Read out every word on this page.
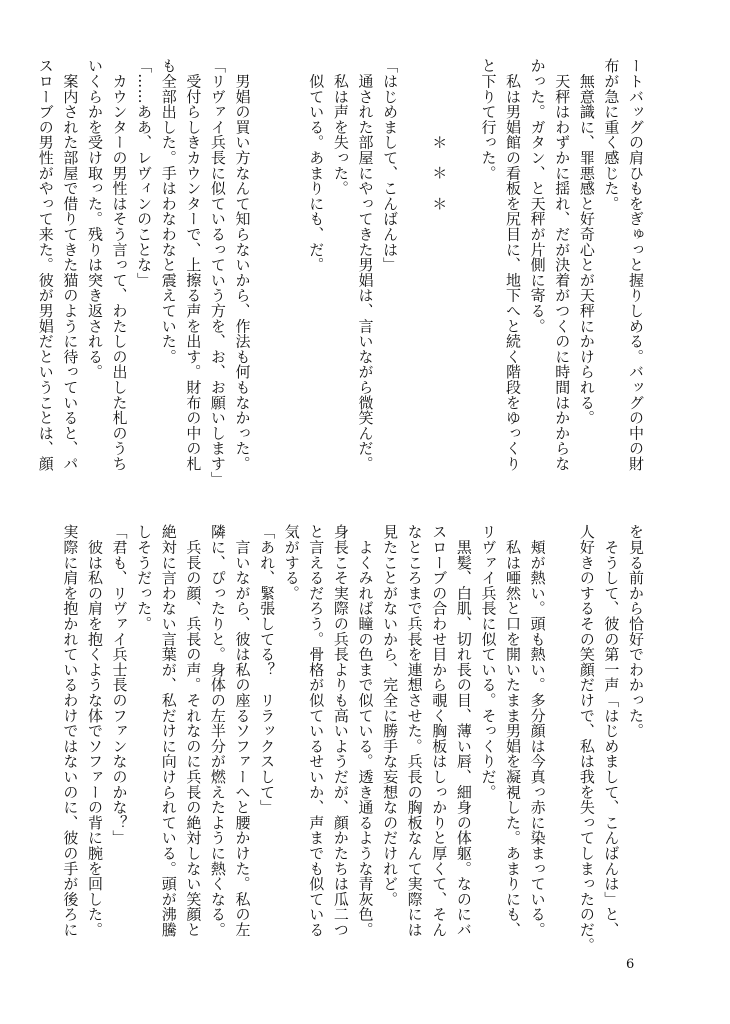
ートバッグの肩ひもをぎゅっと握りしめる。バッグの中の財
布が急に重く感じた。
　無意識に、罪悪感と好奇心とが天秤にかけられる。
　天秤はわずかに揺れ、だが決着がつくのに時間はかからな
かった。ガタン、と天秤が片側に寄る。
　私は男娼館の看板を尻目に、地下へと続く階段をゆっくり
と下りて行った。

　　　　　＊　＊　＊

「はじめまして、こんばんは」
　通された部屋にやってきた男娼は、言いながら微笑んだ。
　私は声を失った。
　似ている。あまりにも、だ。

　男娼の買い方なんて知らないから、作法も何もなかった。
「リヴァイ兵長に似ているっていう方を、お、お願いします」
　受付らしきカウンターで、上擦る声を出す。財布の中の札
も全部出した。手はわなわなと震えていた。
「……ああ、レヴィンのことな」
　カウンターの男性はそう言って、わたしの出した札のうち
いくらかを受け取った。残りは突き返される。
　案内された部屋で借りてきた猫のように待っていると、パ
スローブの男性がやって来た。彼が男娼だということは、顔
を見る前から恰好でわかった。
　そうして、彼の第一声「はじめまして、こんばんは」と、
人好きのするその笑顔だけで、私は我を失ってしまったのだ。

　頬が熱い。頭も熱い。多分顔は今真っ赤に染まっている。
　私は唖然と口を開いたまま男娼を凝視した。あまりにも、
リヴァイ兵長に似ている。そっくりだ。
　黒髪、白肌、切れ長の目、薄い唇、細身の体躯。なのにバ
スローブの合わせ目から覗く胸板はしっかりと厚くて、そん
なところまで兵長を連想させた。兵長の胸板なんて実際には
見たことがないから、完全に勝手な妄想なのだけれど。
　よくみれば瞳の色まで似ている。透き通るような青灰色。
身長こそ実際の兵長よりも高いようだが、顔かたちは瓜二つ
と言えるだろう。骨格が似ているせいか、声までも似ている
気がする。
「あれ、緊張してる？　リラックスして」
　言いながら、彼は私の座るソファーへと腰かけた。私の左
隣に、ぴったりと。身体の左半分が燃えたように熱くなる。
　兵長の顔、兵長の声。それなのに兵長の絶対しない笑顔と
絶対に言わない言葉が、私だけに向けられている。頭が沸騰
しそうだった。
「君も、リヴァイ兵士長のファンなのかな？」
　彼は私の肩を抱くような体でソファーの背に腕を回した。
実際に肩を抱かれているわけではないのに、彼の手が後ろに
6
